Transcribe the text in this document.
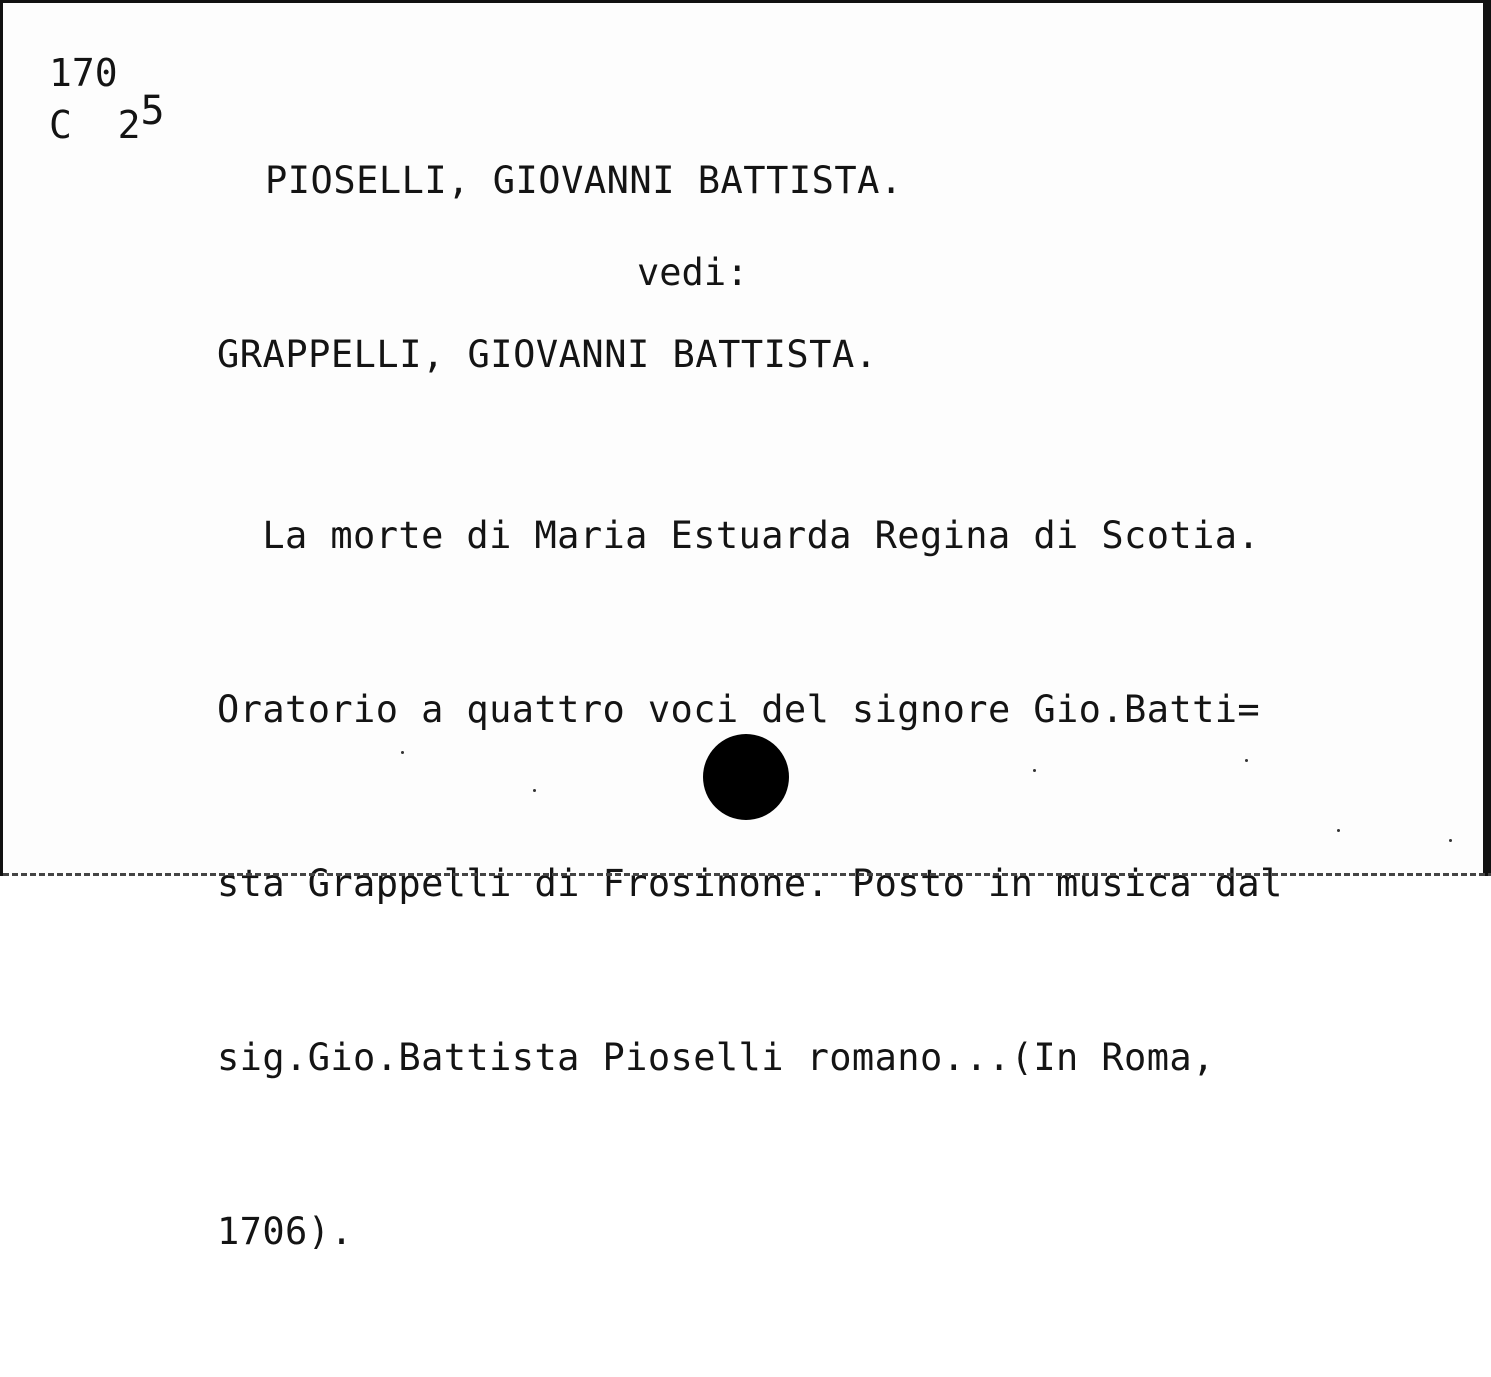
170
C  $2^5$
PIOSELLI, GIOVANNI BATTISTA.
vedi:
GRAPPELLI, GIOVANNI BATTISTA.

La morte di Maria Estuarda Regina di Scotia.

Oratorio a quattro voci del signore Gio.Batti=

sta Grappelli di Frosinone. Posto in musica dal

sig.Gio.Battista Pioselli romano...(In Roma,

1706).
